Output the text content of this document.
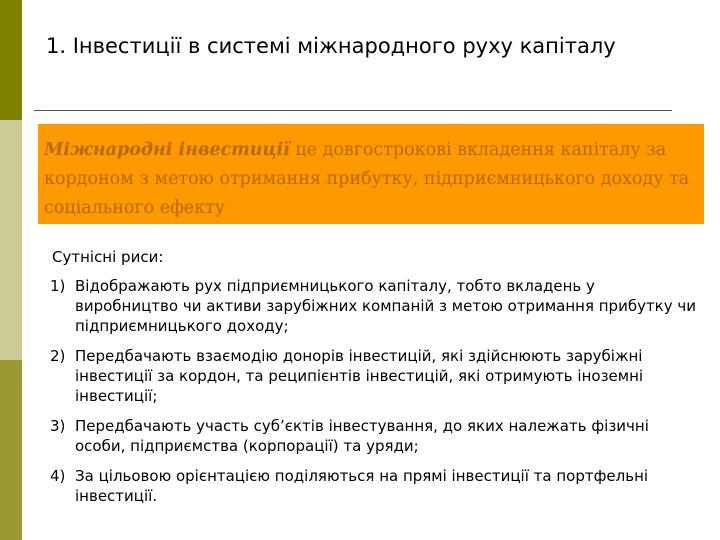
1. Інвестиції в системі міжнародного руху капіталу
Міжнародні інвестиції це довгострокові вкладення капіталу за кордоном з метою отримання прибутку, підприємницького доходу та соціального ефекту
Сутнісні риси:
1) Відображають рух підприємницького капіталу, тобто вкладень у виробництво чи активи зарубіжних компаній з метою отримання прибутку чи підприємницького доходу;
2) Передбачають взаємодію донорів інвестицій, які здійснюють зарубіжні інвестиції за кордон, та реципієнтів інвестицій, які отримують іноземні інвестиції;
3) Передбачають участь суб’єктів інвестування, до яких належать фізичні особи, підприємства (корпорації) та уряди;
4) За цільовою орієнтацією поділяються на прямі інвестиції та портфельні інвестиції.
